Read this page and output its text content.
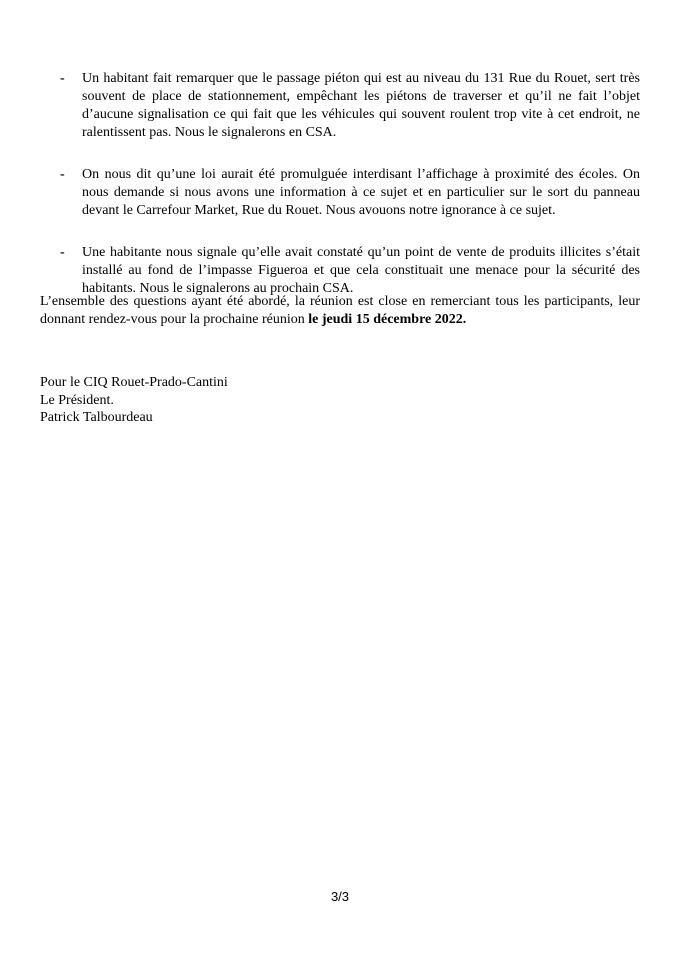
- Un habitant fait remarquer que le passage piéton qui est au niveau du 131 Rue du Rouet, sert très souvent de place de stationnement, empêchant les piétons de traverser et qu’il ne fait l’objet d’aucune signalisation ce qui fait que les véhicules qui souvent roulent trop vite à cet endroit, ne ralentissent pas. Nous le signalerons en CSA.
- On nous dit qu’une loi aurait été promulguée interdisant l’affichage à proximité des écoles. On nous demande si nous avons une information à ce sujet et en particulier sur le sort du panneau devant le Carrefour Market, Rue du Rouet. Nous avouons notre ignorance à ce sujet.
- Une habitante nous signale qu’elle avait constaté qu’un point de vente de produits illicites s’était installé au fond de l’impasse Figueroa et que cela constituait une menace pour la sécurité des habitants. Nous le signalerons au prochain CSA.

L’ensemble des questions ayant été abordé, la réunion est close en remerciant tous les participants, leur donnant rendez-vous pour la prochaine réunion le jeudi 15 décembre 2022.

Pour le CIQ Rouet-Prado-Cantini
Le Président.
Patrick Talbourdeau
3/3
